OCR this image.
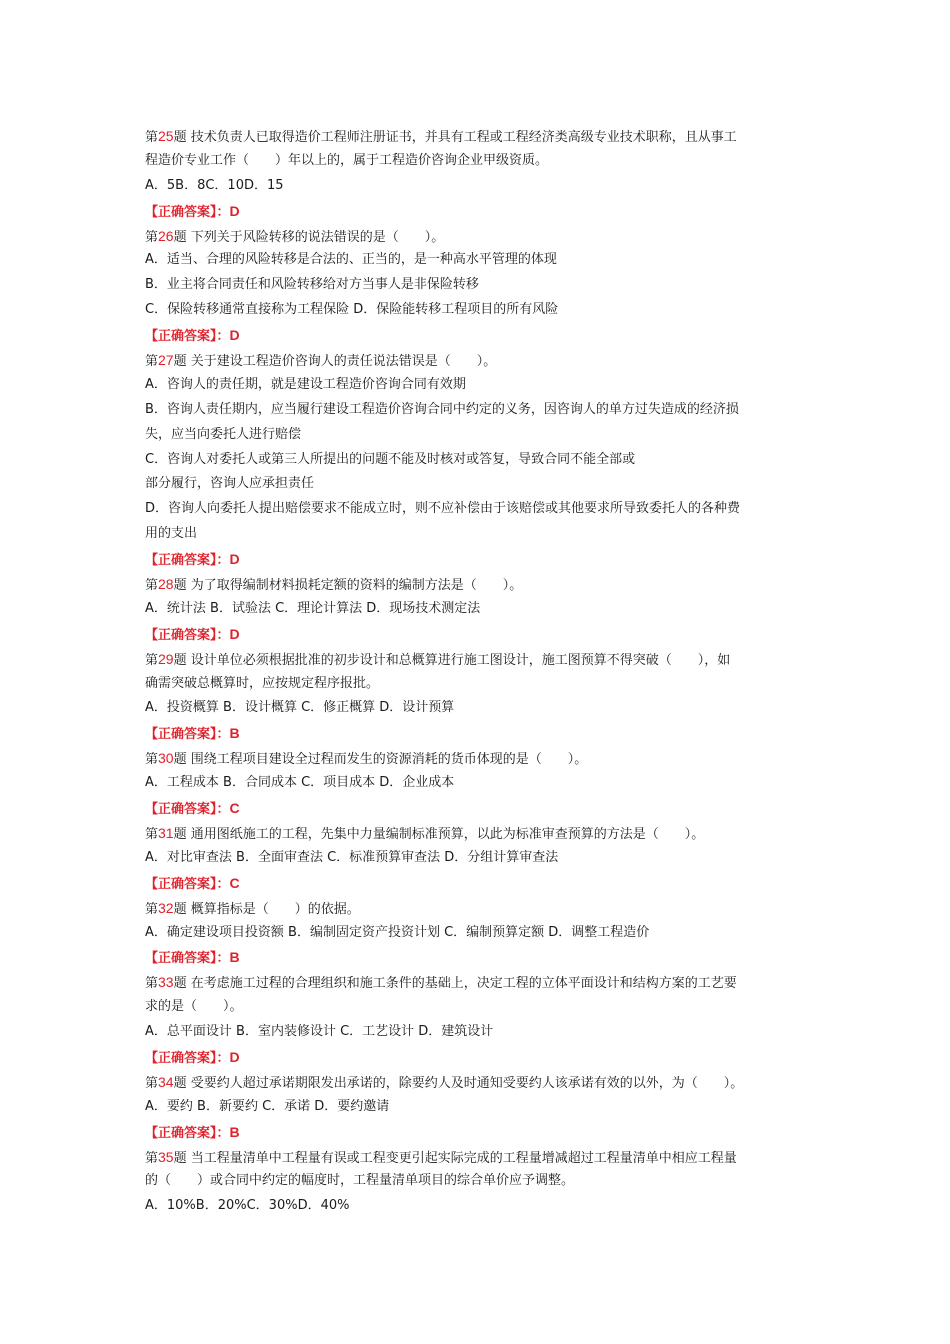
第25题 技术负责人已取得造价工程师注册证书，并具有工程或工程经济类高级专业技术职称，且从事工
程造价专业工作（　　）年以上的，属于工程造价咨询企业甲级资质。
A．5B．8C．10D．15
【正确答案】：D
第26题 下列关于风险转移的说法错误的是（　　）。
A．适当、合理的风险转移是合法的、正当的，是一种高水平管理的体现
B．业主将合同责任和风险转移给对方当事人是非保险转移
C．保险转移通常直接称为工程保险 D．保险能转移工程项目的所有风险
【正确答案】：D
第27题 关于建设工程造价咨询人的责任说法错误是（　　）。
A．咨询人的责任期，就是建设工程造价咨询合同有效期
B．咨询人责任期内，应当履行建设工程造价咨询合同中约定的义务，因咨询人的单方过失造成的经济损
失，应当向委托人进行赔偿
C．咨询人对委托人或第三人所提出的问题不能及时核对或答复，导致合同不能全部或
部分履行，咨询人应承担责任
D．咨询人向委托人提出赔偿要求不能成立时，则不应补偿由于该赔偿或其他要求所导致委托人的各种费
用的支出
【正确答案】：D
第28题 为了取得编制材料损耗定额的资料的编制方法是（　　）。
A．统计法 B．试验法 C．理论计算法 D．现场技术测定法
【正确答案】：D
第29题 设计单位必须根据批准的初步设计和总概算进行施工图设计，施工图预算不得突破（　　），如
确需突破总概算时，应按规定程序报批。
A．投资概算 B．设计概算 C．修正概算 D．设计预算
【正确答案】：B
第30题 围绕工程项目建设全过程而发生的资源消耗的货币体现的是（　　）。
A．工程成本 B．合同成本 C．项目成本 D．企业成本
【正确答案】：C
第31题 通用图纸施工的工程，先集中力量编制标准预算，以此为标准审查预算的方法是（　　）。
A．对比审查法 B．全面审查法 C．标准预算审查法 D．分组计算审查法
【正确答案】：C
第32题 概算指标是（　　）的依据。
A．确定建设项目投资额 B．编制固定资产投资计划 C．编制预算定额 D．调整工程造价
【正确答案】：B
第33题 在考虑施工过程的合理组织和施工条件的基础上，决定工程的立体平面设计和结构方案的工艺要
求的是（　　）。
A．总平面设计 B．室内装修设计 C．工艺设计 D．建筑设计
【正确答案】：D
第34题 受要约人超过承诺期限发出承诺的，除要约人及时通知受要约人该承诺有效的以外，为（　　）。
A．要约 B．新要约 C．承诺 D．要约邀请
【正确答案】：B
第35题 当工程量清单中工程量有误或工程变更引起实际完成的工程量增减超过工程量清单中相应工程量
的（　　）或合同中约定的幅度时，工程量清单项目的综合单价应予调整。
A．10%B．20%C．30%D．40%
